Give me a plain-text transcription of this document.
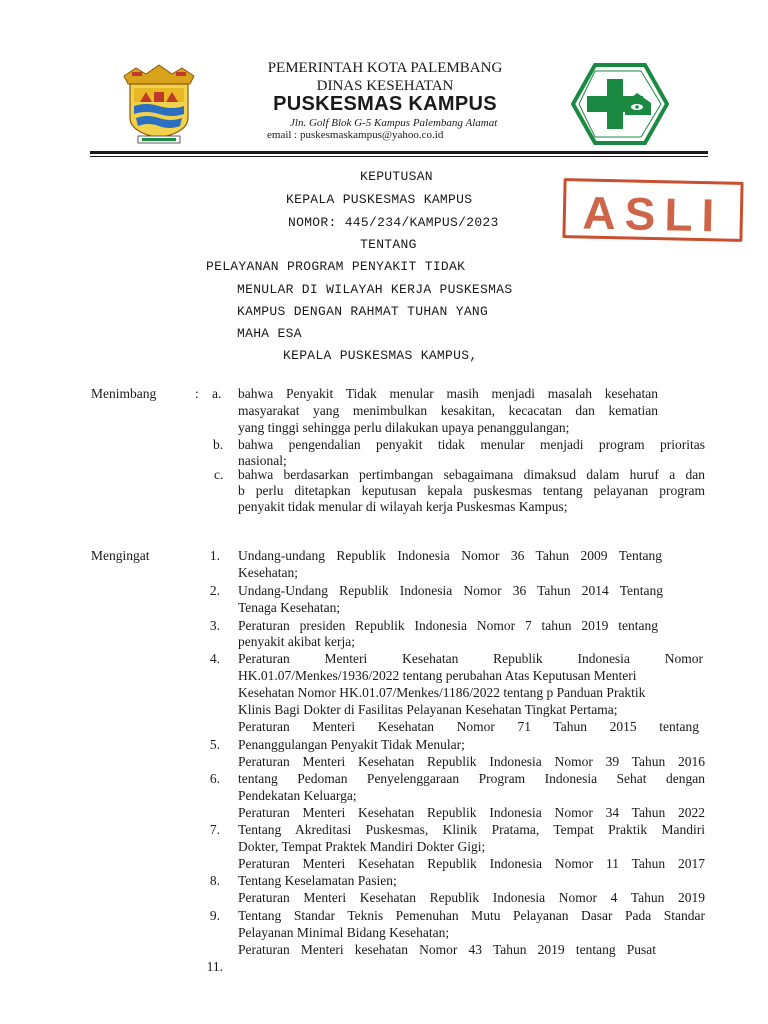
PEMERINTAH KOTA PALEMBANG
DINAS KESEHATAN
PUSKESMAS KAMPUS
Jln. Golf Blok G-5 Kampus Palembang Alamat
email : puskesmaskampus@yahoo.co.id
ASLI
KEPUTUSAN
KEPALA PUSKESMAS KAMPUS
NOMOR: 445/234/KAMPUS/2023
TENTANG
PELAYANAN PROGRAM PENYAKIT TIDAK
MENULAR DI WILAYAH KERJA PUSKESMAS
KAMPUS DENGAN RAHMAT TUHAN YANG
MAHA ESA
KEPALA PUSKESMAS KAMPUS,
Menimbang	: a. bahwa Penyakit Tidak menular masih menjadi masalah kesehatan
masyarakat yang menimbulkan kesakitan, kecacatan dan kematian
yang tinggi sehingga perlu dilakukan upaya penanggulangan;
b. bahwa pengendalian penyakit tidak menular menjadi program prioritas
nasional;
c. bahwa berdasarkan pertimbangan sebagaimana dimaksud dalam huruf a dan
b perlu ditetapkan keputusan kepala puskesmas tentang pelayanan program
penyakit tidak menular di wilayah kerja Puskesmas Kampus;
Mengingat	1.
2.
3.
4.
5.
6.
7.
8.
9.
11.
Undang-undang Republik Indonesia Nomor 36 Tahun 2009 Tentang
Kesehatan;
Undang-Undang Republik Indonesia Nomor 36 Tahun 2014 Tentang
Tenaga Kesehatan;
Peraturan presiden Republik Indonesia Nomor 7 tahun 2019 tentang
penyakit akibat kerja;
Peraturan Menteri Kesehatan Republik Indonesia Nomor
HK.01.07/Menkes/1936/2022 tentang perubahan Atas Keputusan Menteri
Kesehatan Nomor HK.01.07/Menkes/1186/2022 tentang p Panduan Praktik
Klinis Bagi Dokter di Fasilitas Pelayanan Kesehatan Tingkat Pertama;
Peraturan Menteri Kesehatan Nomor 71 Tahun 2015 tentang
Penanggulangan Penyakit Tidak Menular;
Peraturan Menteri Kesehatan Republik Indonesia Nomor 39 Tahun 2016
tentang Pedoman Penyelenggaraan Program Indonesia Sehat dengan
Pendekatan Keluarga;
Peraturan Menteri Kesehatan Republik Indonesia Nomor 34 Tahun 2022
Tentang Akreditasi Puskesmas, Klinik Pratama, Tempat Praktik Mandiri
Dokter, Tempat Praktek Mandiri Dokter Gigi;
Peraturan Menteri Kesehatan Republik Indonesia Nomor 11 Tahun 2017
Tentang Keselamatan Pasien;
Peraturan Menteri Kesehatan Republik Indonesia Nomor 4 Tahun 2019
Tentang Standar Teknis Pemenuhan Mutu Pelayanan Dasar Pada Standar
Pelayanan Minimal Bidang Kesehatan;
Peraturan Menteri kesehatan Nomor 43 Tahun 2019 tentang Pusat
